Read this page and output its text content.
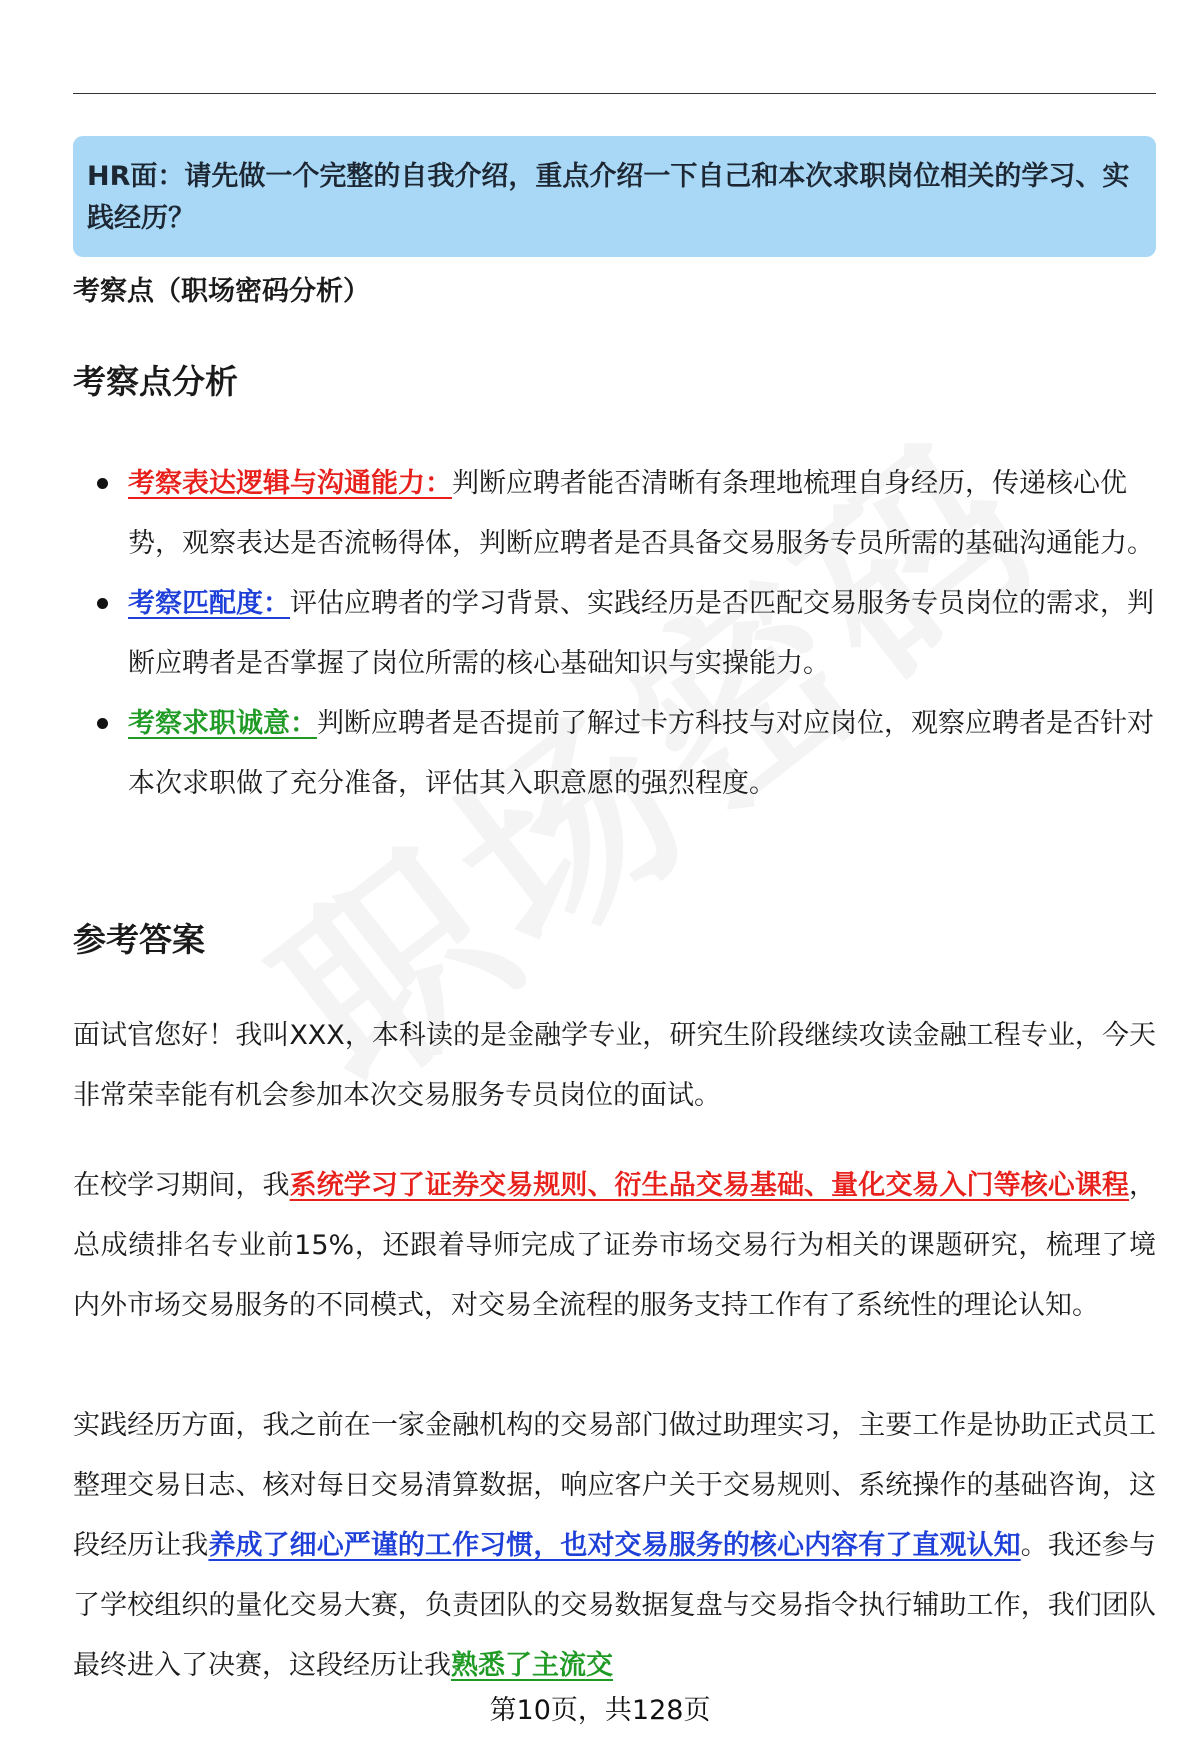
HR面：请先做一个完整的自我介绍，重点介绍一下自己和本次求职岗位相关的学习、实践经历？
考察点（职场密码分析）
考察点分析
考察表达逻辑与沟通能力：判断应聘者能否清晰有条理地梳理自身经历，传递核心优势，观察表达是否流畅得体，判断应聘者是否具备交易服务专员所需的基础沟通能力。
考察匹配度：评估应聘者的学习背景、实践经历是否匹配交易服务专员岗位的需求，判断应聘者是否掌握了岗位所需的核心基础知识与实操能力。
考察求职诚意：判断应聘者是否提前了解过卡方科技与对应岗位，观察应聘者是否针对本次求职做了充分准备，评估其入职意愿的强烈程度。
参考答案

面试官您好！我叫XXX，本科读的是金融学专业，研究生阶段继续攻读金融工程专业，今天非常荣幸能有机会参加本次交易服务专员岗位的面试。

在校学习期间，我系统学习了证券交易规则、衍生品交易基础、量化交易入门等核心课程，总成绩排名专业前15%，还跟着导师完成了证券市场交易行为相关的课题研究，梳理了境内外市场交易服务的不同模式，对交易全流程的服务支持工作有了系统性的理论认知。

实践经历方面，我之前在一家金融机构的交易部门做过助理实习，主要工作是协助正式员工整理交易日志、核对每日交易清算数据，响应客户关于交易规则、系统操作的基础咨询，这段经历让我养成了细心严谨的工作习惯，也对交易服务的核心内容有了直观认知。我还参与了学校组织的量化交易大赛，负责团队的交易数据复盘与交易指令执行辅助工作，我们团队最终进入了决赛，这段经历让我熟悉了主流交

第10页，共128页
